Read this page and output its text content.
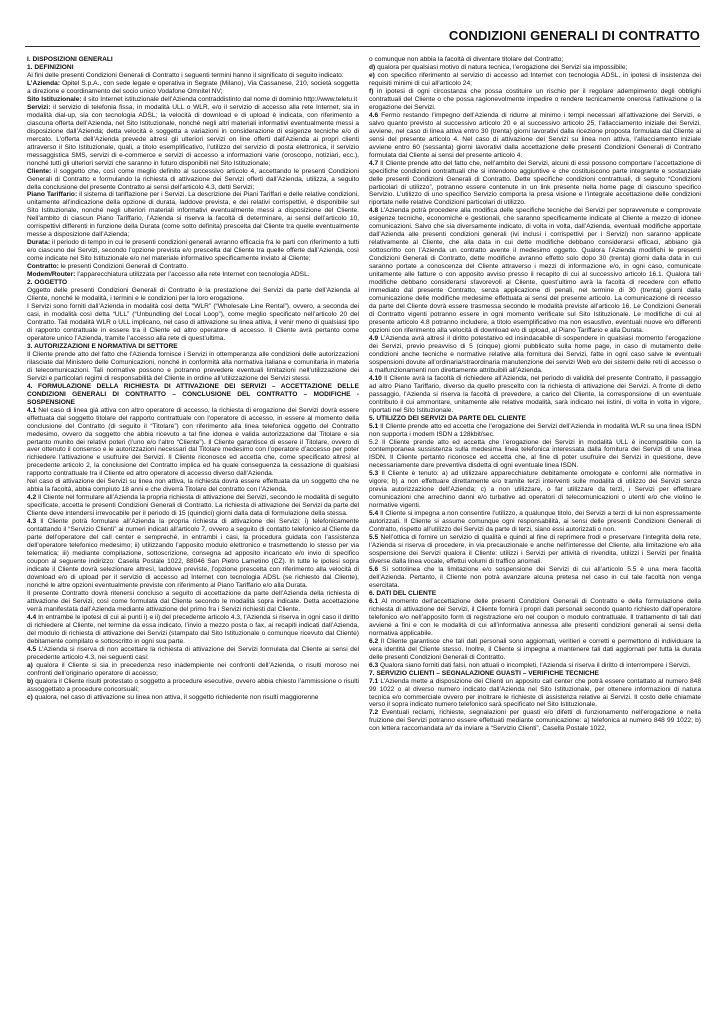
CONDIZIONI GENERALI DI CONTRATTO
I. DISPOSIZIONI GENERALI
1. DEFINIZIONI
Ai fini delle presenti Condizioni Generali di Contratto i seguenti termini hanno il significato di seguito indicato:
L’Azienda: Opitel S.p.A., con sede legale e operativa in Segrate (Milano), Via Cassanese, 210, società soggetta a direzione e coordinamento del socio unico Vodafone Omnitel NV;
Sito Istituzionale: il sito Internet istituzionale dell’Azienda contraddistinto dal nome di dominio http://www.teletu.it
Servizi: il servizio di telefonia fissa, in modalità ULL o WLR, e/o il servizio di accesso alla rete Internet, sia in modalità dial-up, sia con tecnologia ADSL; la velocità di download e di upload è indicata, con riferimento a ciascuna offerta dell’Azienda, nel Sito Istituzionale, nonché negli altri materiali informativi eventualmente messi a disposizione dall’Azienda; detta velocità è soggetta a variazioni in considerazione di esigenze tecniche e/o di mercato. L’offerta dell’Azienda prevede altresì gli ulteriori servizi on line offerti dall’Azienda ai propri clienti attraverso il Sito Istituzionale, quali, a titolo esemplificativo, l’utilizzo del servizio di posta elettronica, il servizio messaggistica SMS, servizi di e-commerce e servizi di accesso a informazioni varie (oroscopo, notiziari, ecc.), nonché tutti gli ulteriori servizi che saranno in futuro disponibili nel Sito Istituzionale;
Cliente: il soggetto che, così come meglio definito al successivo articolo 4, accettando le presenti Condizioni Generali di Contratto e formulando la richiesta di attivazione dei Servizi offerti dall’Azienda, utilizza, a seguito della conclusione del presente Contratto ai sensi dell’articolo 4.3, detti Servizi;
Piano Tariffario: il sistema di tariffazione per i Servizi. La descrizione dei Piani Tariffari e delle relative condizioni, unitamente all’indicazione della opzione di durata, laddove prevista, e dei relativi corrispettivi, è disponibile sul Sito Istituzionale, nonché negli ulteriori materiali informativi eventualmente messi a disposizione del Cliente. Nell’ambito di ciascun Piano Tariffario, l’Azienda si riserva la facoltà di determinare, ai sensi dell’articolo 10, corrispettivi differenti in funzione della Durata (come sotto definita) prescelta dal Cliente tra quelle eventualmente messe a disposizione dall’Azienda;
Durata: il periodo di tempo in cui le presenti condizioni generali avranno efficacia fra le parti con riferimento a tutti e/o ciascuno dei Servizi, secondo l’opzione prevista e/o prescelta dal Cliente tra quelle offerte dall’Azienda, così come indicate nel Sito Istituzionale e/o nel materiale informativo specificamente inviato al Cliente;
Contratto: le presenti Condizioni Generali di Contratto.
Modem/Router: l’apparecchiatura utilizzata per l’accesso alla rete Internet con tecnologia ADSL.
2. OGGETTO
Oggetto delle presenti Condizioni Generali di Contratto è la prestazione dei Servizi da parte dell’Azienda al Cliente, nonché le modalità, i termini e le condizioni per la loro erogazione.
I Servizi sono forniti dall’Azienda in modalità così detta “WLR” (“Wholesale Line Rental”), ovvero, a seconda dei casi, in modalità così detta “ULL” (“Unbundling del Local Loop”), come meglio specificato nell’articolo 20 del Contratto. Tali modalità WLR o ULL implicano, nel caso di attivazione su linea attiva, il venir meno di qualsiasi tipo di rapporto contrattuale in essere tra il Cliente ed altro operatore di accesso. Il Cliente avrà pertanto come operatore unico l’Azienda, tramite l’accesso alla rete di quest’ultima.
3. AUTORIZZAZIONI E NORMATIVA DI SETTORE
Il Cliente prende atto del fatto che l’Azienda fornisce i Servizi in ottemperanza alle condizioni delle autorizzazioni rilasciate dal Ministero delle Comunicazioni, nonché in conformità alla normativa italiana e comunitaria in materia di telecomunicazioni. Tali normative possono e potranno prevedere eventuali limitazioni nell’utilizzazione dei Servizi e particolari regimi di responsabilità del Cliente in ordine all’utilizzazione dei Servizi stessi.
4. FORMULAZIONE DELLA RICHIESTA DI ATTIVAZIONE DEI SERVIZI – ACCETTAZIONE DELLE CONDIZIONI GENERALI DI CONTRATTO – CONCLUSIONE DEL CONTRATTO – MODIFICHE - SOSPENSIONE
4.1 Nel caso di linea già attiva con altro operatore di accesso, la richiesta di erogazione dei Servizi dovrà essere effettuata dal soggetto titolare del rapporto contrattuale con l’operatore di accesso, in essere al momento della conclusione del Contratto (di seguito il “Titolare”) con riferimento alla linea telefonica oggetto del Contratto medesimo, ovvero da soggetto che abbia ricevuto a tal fine idonea e valida autorizzazione dal Titolare e sia pertanto munito dei relativi poteri (l’uno e/o l’altro “Cliente”). Il Cliente garantisce di essere il Titolare, ovvero di aver ottenuto il consenso e le autorizzazioni necessari dal Titolare medesimo con l’operatore d’accesso per poter richiedere l’attivazione e usufruire dei Servizi. Il Cliente riconosce ed accetta che, come specificato altresì al precedente articolo 2, la conclusione del Contratto implica ed ha quale conseguenza la cessazione di qualsiasi rapporto contrattuale tra il Cliente ed altro operatore di accesso diverso dall’Azienda.
Nel caso di attivazione dei Servizi su linea non attiva, la richiesta dovrà essere effettuata da un soggetto che ne abbia la facoltà, abbia compiuto 18 anni e che diverrà Titolare del contratto con l’Azienda.
4.2 Il Cliente nel formulare all’Azienda la propria richiesta di attivazione dei Servizi, secondo le modalità di seguito specificate, accetta le presenti Condizioni Generali di Contratto. La richiesta di attivazione dei Servizi da parte del Cliente deve intendersi irrevocabile per il periodo di 15 (quindici) giorni dalla data di formulazione della stessa.
4.3 Il Cliente potrà formulare all’Azienda la propria richiesta di attivazione dei Servizi: i) telefonicamente contattando il “Servizio Clienti” ai numeri indicati all’articolo 7, ovvero a seguito di contatto telefonico al Cliente da parte dell’operatore del call center e sempreché, in entrambi i casi, la procedura guidata con l’assistenza dell’operatore telefonico medesimo; ii) utilizzando l’apposito modulo elettronico e trasmettendo lo stesso per via telematica; iii) mediante compilazione, sottoscrizione, consegna ad apposito incaricato e/o invio di specifico coupon al seguente indirizzo: Casella Postale 1022, 88046 San Pietro Lametino (CZ). In tutte le ipotesi sopra indicate il Cliente dovrà selezionare altresì, laddove previste, l’opzione prescelta con riferimento alla velocità di download e/o di upload per il servizio di accesso ad Internet con tecnologia ADSL (se richiesto dal Cliente), nonché le altre opzioni eventualmente previste con riferimento al Piano Tariffario e/o alla Durata.
Il presente Contratto dovrà ritenersi concluso a seguito di accettazione da parte dell’Azienda della richiesta di attivazione dei Servizi, così come formulata dal Cliente secondo le modalità sopra indicate. Detta accettazione verrà manifestata dall’Azienda mediante attivazione del primo fra i Servizi richiesti dal Cliente.
4.4 In entrambe le ipotesi di cui ai punti i) e ii) del precedente articolo 4.3, l’Azienda si riserva in ogni caso il diritto di richiedere al Cliente, nel termine da essa indicato, l’invio a mezzo posta o fax, ai recapiti indicati dall’Azienda, del modulo di richiesta di attivazione dei Servizi (stampato dal Sito Istituzionale o comunque ricevuto dal Cliente) debitamente compilato e sottoscritto in ogni sua parte.
4.5 L’Azienda si riserva di non accettare la richiesta di attivazione dei Servizi formulata dal Cliente ai sensi del precedente articolo 4.3, nei seguenti casi:
a) qualora il Cliente si sia in precedenza reso inadempiente nei confronti dell’Azienda, o risulti moroso nei confronti dell’originario operatore di accesso;
b) qualora il Cliente risulti protestato o soggetto a procedure esecutive, ovvero abbia chiesto l’ammissione o risulti assoggettato a procedure concorsuali;
c) qualora, nel caso di attivazione su linea non attiva, il soggetto richiedente non risulti maggiorenne
o comunque non abbia la facoltà di diventare titolare del Contratto;
d) qualora per qualsiasi motivo di natura tecnica, l’erogazione dei Servizi sia impossibile;
e) con specifico riferimento al servizio di accesso ad Internet con tecnologia ADSL, in ipotesi di insistenza dei requisiti minimi di cui all’articolo 24;
f) in ipotesi di ogni circostanza che possa costituire un rischio per il regolare adempimento degli obblighi contrattuali del Cliente o che possa ragionevolmente impedire o rendere tecnicamente onerosa l’attivazione o la erogazione dei Servizi.
4.6 Fermo restando l’impegno dell’Azienda di ridurre al minimo i tempi necessari all’attivazione dei Servizi, e salvo quanto previsto al successivo articolo 20 e al successivo articolo 25, l’allacciamento iniziale dei Servizi, avviene, nel caso di linea attiva entro 30 (trenta) giorni lavorativi dalla ricezione proposta formulata dal Cliente ai sensi del presente articolo 4. Nel caso di attivazione dei Servizi su linea non attiva, l’allacciamento iniziale avviene entro 60 (sessanta) giorni lavorativi dalla accettazione delle presenti Condizioni Generali di Contratto formulata dal Cliente ai sensi del presente articolo 4.
4.7 Il Cliente prende atto del fatto che, nell’ambito dei Servizi, alcuni di essi possono comportare l’accettazione di specifiche condizioni contrattuali che si intendono aggiuntive e che costituiscono parte integrante e sostanziale delle presenti Condizioni Generali di Contratto. Dette specifiche condizioni contrattuali, di seguito “Condizioni particolari di utilizzo”, potranno essere contenute in un link presente nella home page di ciascuno specifico Servizio. L’utilizzo di uno specifico Servizio comporta la presa visione e l’integrale accettazione delle condizioni riportate nelle relative Condizioni particolari di utilizzo.
4.8 L’Azienda potrà procedere alla modifica delle specifiche tecniche dei Servizi per sopravvenute e comprovate esigenze tecniche, economiche e gestionali, che saranno specificamente indicate al Cliente a mezzo di idonee comunicazioni. Salvo che sia diversamente indicato, di volta in volta, dall’Azienda, eventuali modifiche apportate dall’Azienda alle presenti condizioni generali (ivi inclusi i corrispettivi per i Servizi) non saranno applicate relativamente al Cliente, che alla data in cui dette modifiche debbano considerarsi efficaci, abbiano già sottoscritto con l’Azienda un contratto avente il medesimo oggetto. Qualora l’Azienda modifichi le presenti Condizioni Generali di Contratto, dette modifiche avranno effetto solo dopo 30 (trenta) giorni dalla data in cui saranno portate a conoscenza del Cliente attraverso i mezzi di informazione e/o, in ogni caso, comunicate unitamente alle fatture o con apposito avviso presso il recapito di cui al successivo articolo 16.1. Qualora tali modifiche debbano considerarsi sfavorevoli al Cliente, quest’ultimo avrà la facoltà di recedere con effetto immediato dal presente Contratto, senza applicazione di penali, nel termine di 30 (trenta) giorni dalla comunicazione delle modifiche medesime effettuata ai sensi del presente articolo. La comunicazione di recesso da parte del Cliente dovrà essere trasmessa secondo le modalità previste all’articolo 16. Le Condizioni Generali di Contratto vigenti potranno essere in ogni momento verificate sul Sito Istituzionale. Le modifiche di cui al presente articolo 4.8 potranno includere, a titolo esemplificativo ma non esaustivo, eventuali nuove e/o differenti opzioni con riferimento alla velocità di download e/o di upload, al Piano Tariffario e alla Durata.
4.9 L’Azienda avrà altresì il diritto potestativo ed insindacabile di sospendere in qualsiasi momento l’erogazione dei Servizi, previo preavviso di 5 (cinque) giorni pubblicato sulla home page, in caso di mutamento delle condizioni anche tecniche e normative relative alla fornitura dei Servizi, fatte in ogni caso salve le eventuali sospensioni dovute all’ordinaria/straordinaria manutenzione dei servizi Web e/o dei sistemi delle reti di accesso o a malfunzionamenti non direttamente attribuibili all’Azienda.
4.10 Il Cliente avrà la facoltà di richiedere all’Azienda, nel periodo di validità del presente Contratto, il passaggio ad altro Piano Tariffario, diverso da quello prescelto con la richiesta di attivazione dei Servizi. A fronte di detto passaggio, l’Azienda si riserva la facoltà di prevedere, a carico del Cliente, la corresponsione di un eventuale contributo il cui ammontare, unitamente alle relative modalità, sarà indicato nei listini, di volta in volta in vigore, riportati nel Sito Istituzionale.
5. UTILIZZO DEI SERVIZI DA PARTE DEL CLIENTE
5.1 Il Cliente prende atto ed accetta che l’erogazione dei Servizi dell’Azienda in modalità WLR su una linea ISDN non supporta i modem ISDN a 128kbit/sec.
5.2 Il Cliente prende atto ed accetta che l’erogazione dei Servizi in modalità ULL è incompatibile con la contemporanea sussistenza sulla medesima linea telefonica interessata dalla fornitura dei Servizi di una linea ISDN. Il Cliente pertanto riconosce ed accetta che, al fine di poter usufruire dei Servizi in questione, deve necessariamente dare preventiva disdetta di ogni eventuale linea ISDN.
5.3 Il Cliente è tenuto: a) ad utilizzare apparecchiature debitamente omologate e conformi alle normative in vigore; b) a non effettuare direttamente e/o tramite terzi interventi sulle modalità di utilizzo dei Servizi senza previa autorizzazione dell’Azienda; c) a non utilizzare, o far utilizzare da terzi, i Servizi per effettuare comunicazioni che arrechino danni e/o turbative ad operatori di telecomunicazioni o utenti e/o che violino le normative vigenti.
5.4 Il Cliente si impegna a non consentire l’utilizzo, a qualunque titolo, dei Servizi a terzi di lui non espressamente autorizzati. Il Cliente si assume comunque ogni responsabilità, ai sensi delle presenti Condizioni Generali di Contratto, rispetto all’utilizzo dei Servizi da parte di terzi, siano essi autorizzati o non.
5.5 Nell’ottica di fornire un servizio di qualità e quindi al fine di reprimere frodi e preservare l’integrità della rete, l’Azienda si riserva di procedere, in via precauzionale e anche nell’interesse del Cliente, alla limitazione e/o alla sospensione dei Servizi qualora il Cliente: utilizzi i Servizi per attività di rivendita, utilizzi i Servizi per finalità diverse dalla linea vocale, effettui volumi di traffico anomali.
5.6 Si sottolinea che la limitazione e/o sospensione dei Servizi di cui all’articolo 5.5 è una mera facoltà dell’Azienda. Pertanto, il Cliente non potrà avanzare alcuna pretesa nel caso in cui tale facoltà non venga esercitata.
6. DATI DEL CLIENTE
6.1 Al momento dell’accettazione delle presenti Condizioni Generali di Contratto e della formulazione della richiesta di attivazione dei Servizi, il Cliente fornirà i propri dati personali secondo quanto richiesto dall’operatore telefonico e/o nell’apposito form di registrazione e/o nel coupon o modulo contrattuale. Il trattamento di tali dati avviene a fini e con le modalità di cui all’informativa annessa alle presenti condizioni generali ai sensi della normativa applicabile.
6.2 Il Cliente garantisce che tali dati personali sono aggiornati, veritieri e corretti e permettono di individuare la vera identità del Cliente stesso. Inoltre, il Cliente si impegna a mantenere tali dati aggiornati per tutta la durata delle presenti Condizioni Generali di Contratto.
6.3 Qualora siano forniti dati falsi, non attuali o incompleti, l’Azienda si riserva il diritto di interrompere i Servizi.
7. SERVIZIO CLIENTI – SEGNALAZIONE GUASTI – VERIFICHE TECNICHE
7.1 L’Azienda mette a disposizione dei Clienti un apposito call center che potrà essere contattato al numero 848 99 1022 o al diverso numero indicato dall’Azienda nel Sito Istituzionale, per ottenere informazioni di natura tecnica e/o commerciale ovvero per inoltrare le richieste di assistenza relative ai Servizi. Il costo delle chiamate verso il sopra indicato numero telefonico sarà specificato nel Sito Istituzionale.
7.2 Eventuali reclami, richieste, segnalazioni per guasti e/o difetti di funzionamento nell’erogazione e nella fruizione dei Servizi potranno essere effettuati mediante comunicazione: a) telefonica al numero 848 99 1022; b) con lettera raccomandata a/r da inviare a “Servizio Clienti”, Casella Postale 1022,
